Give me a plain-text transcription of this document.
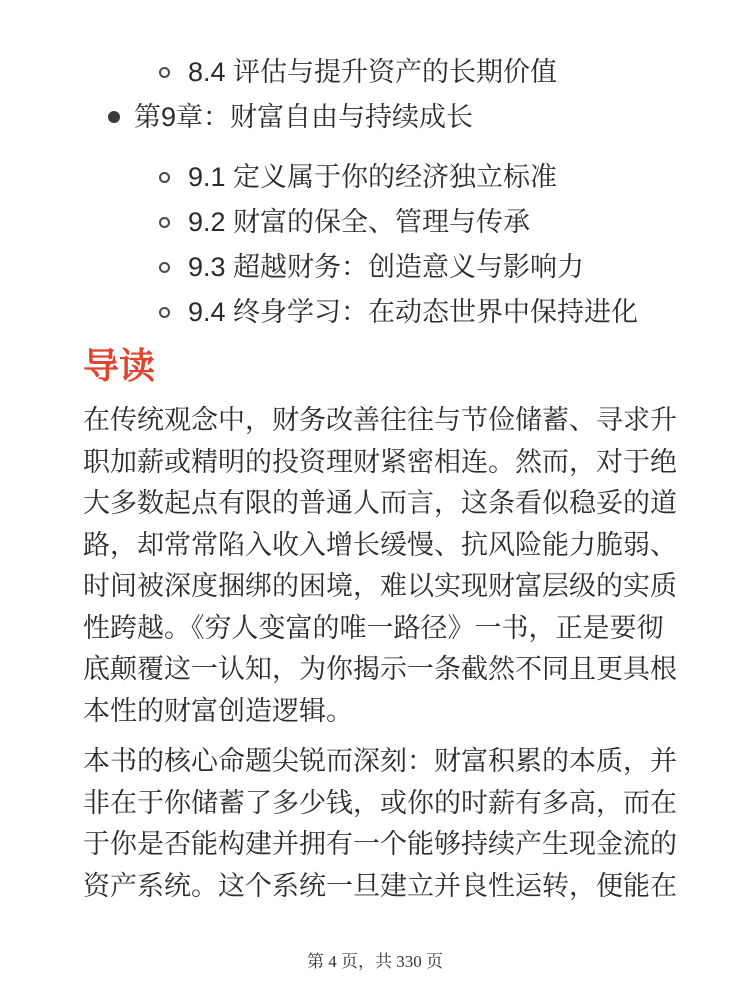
8.4 评估与提升资产的长期价值
第9章：财富自由与持续成长
9.1 定义属于你的经济独立标准
9.2 财富的保全、管理与传承
9.3 超越财务：创造意义与影响力
9.4 终身学习：在动态世界中保持进化
导读

在传统观念中，财务改善往往与节俭储蓄、寻求升职加薪或精明的投资理财紧密相连。然而，对于绝大多数起点有限的普通人而言，这条看似稳妥的道路，却常常陷入收入增长缓慢、抗风险能力脆弱、时间被深度捆绑的困境，难以实现财富层级的实质性跨越。《穷人变富的唯一路径》一书，正是要彻底颠覆这一认知，为你揭示一条截然不同且更具根本性的财富创造逻辑。

本书的核心命题尖锐而深刻：财富积累的本质，并非在于你储蓄了多少钱，或你的时薪有多高，而在于你是否能构建并拥有一个能够持续产生现金流的资产系统。这个系统一旦建立并良性运转，便能在

第 4 页，共 330 页
